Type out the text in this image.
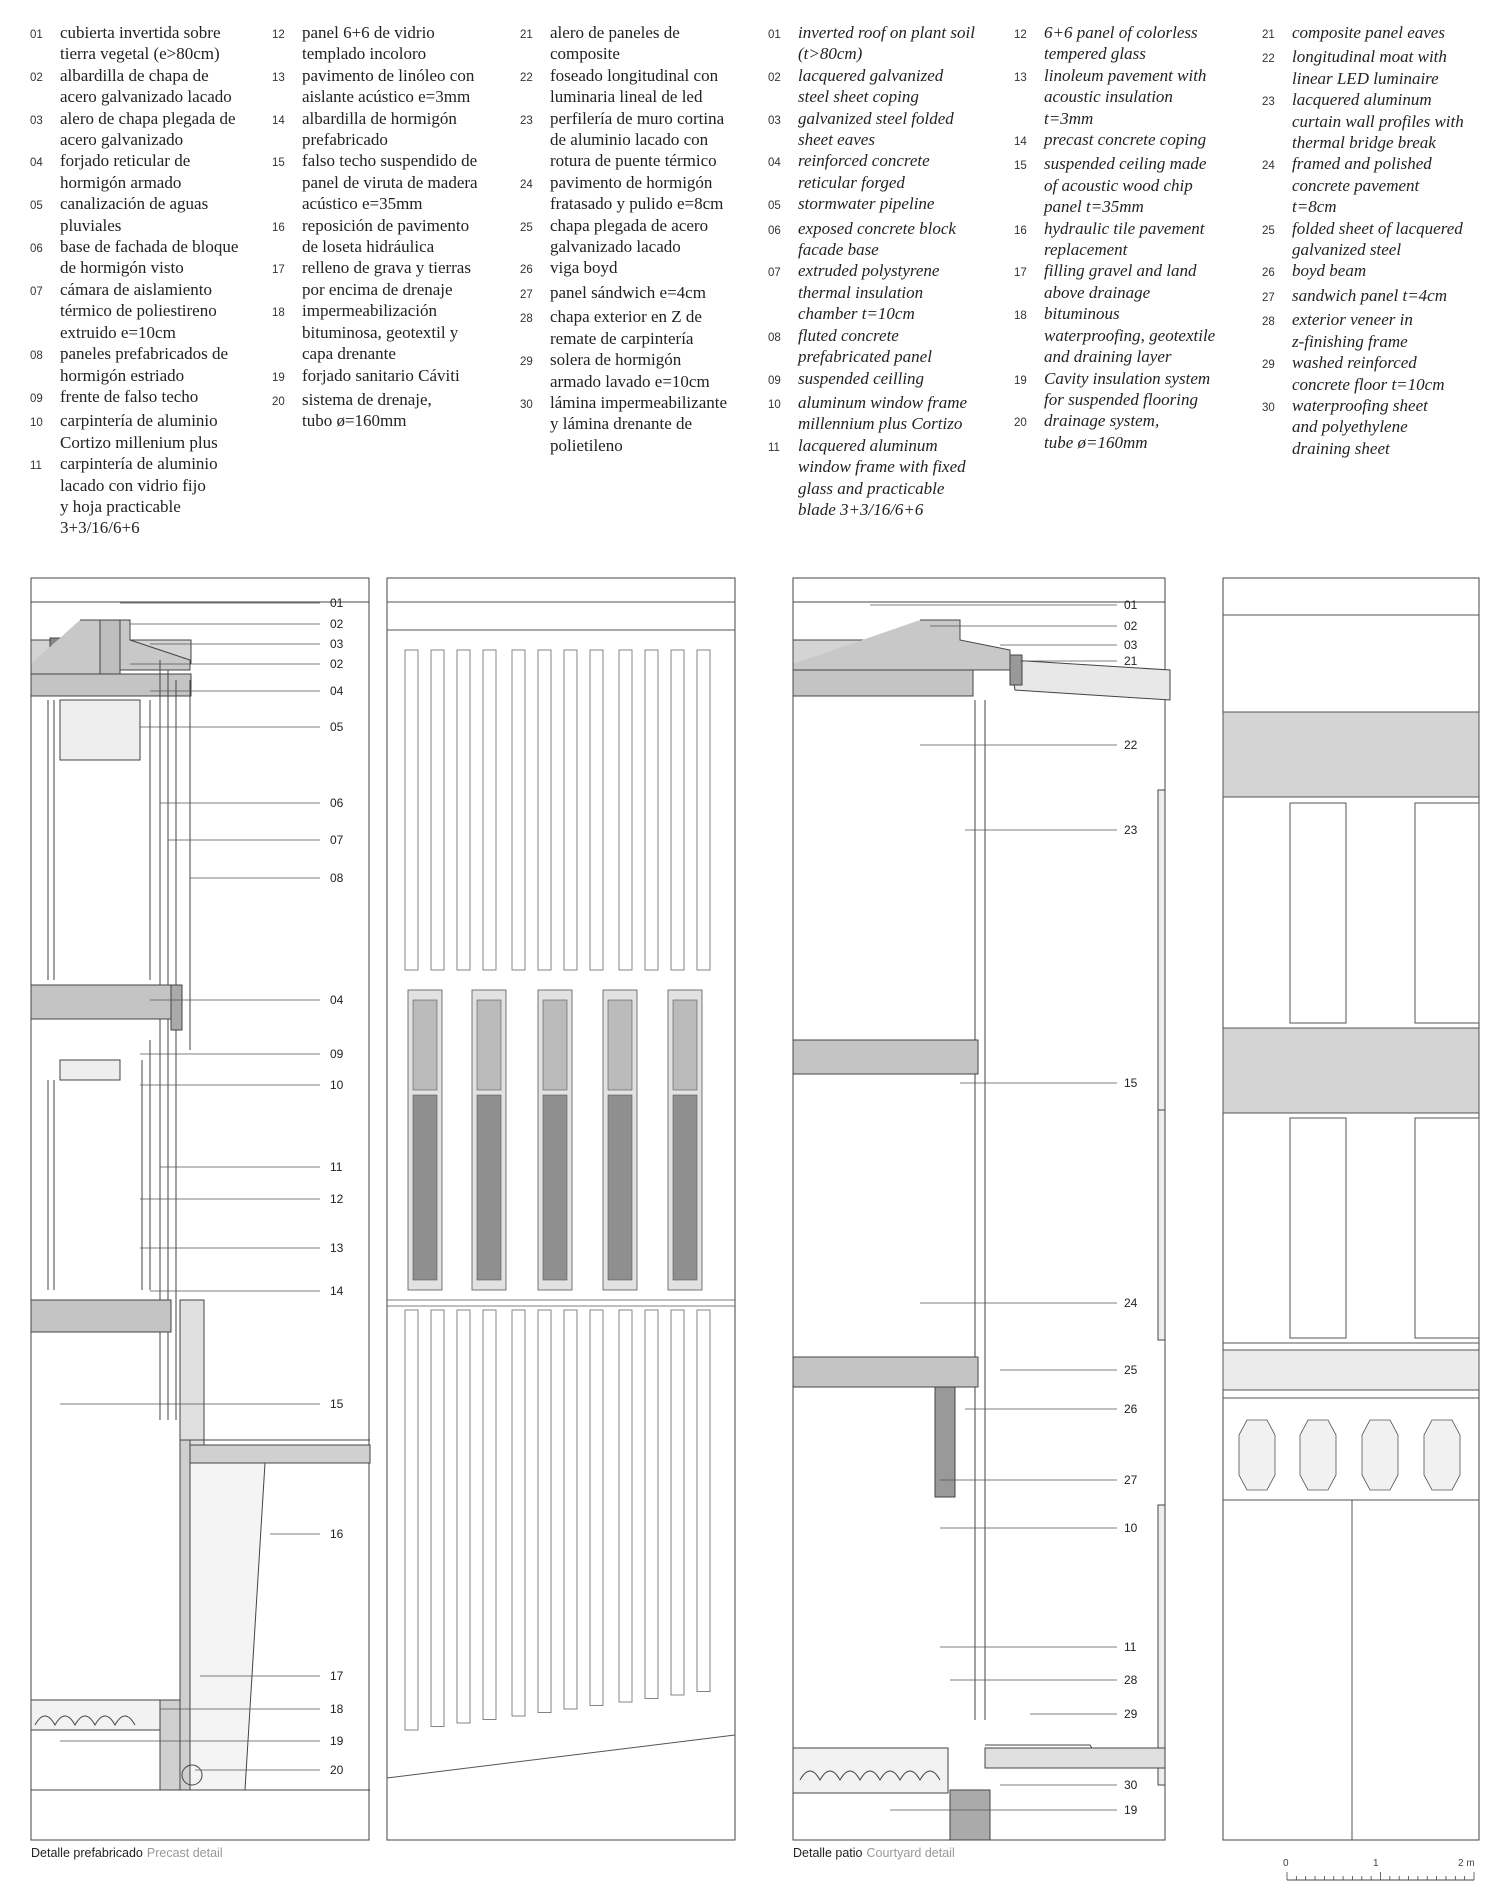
01	cubierta invertida sobre
tierra vegetal (e>80cm)
02	albardilla de chapa de
acero galvanizado lacado
03	alero de chapa plegada de
acero galvanizado
04	forjado reticular de
hormigón armado
05	canalización de aguas
pluviales
06	base de fachada de bloque
de hormigón visto
07	cámara de aislamiento
térmico de poliestireno
extruido e=10cm
08	paneles prefabricados de
hormigón estriado
09	frente de falso techo
10	carpintería de aluminio
Cortizo millenium plus
11	carpintería de aluminio
lacado con vidrio fijo
y hoja practicable
3+3/16/6+6
12	panel 6+6 de vidrio
templado incoloro
13	pavimento de linóleo con
aislante acústico e=3mm
14	albardilla de hormigón
prefabricado
15	falso techo suspendido de
panel de viruta de madera
acústico e=35mm
16	reposición de pavimento
de loseta hidráulica
17	relleno de grava y tierras
por encima de drenaje
18	impermeabilización
bituminosa, geotextil y
capa drenante
19	forjado sanitario Cáviti
20	sistema de drenaje,
tubo ø=160mm
21	alero de paneles de
composite
22	foseado longitudinal con
luminaria lineal de led
23	perfilería de muro cortina
de aluminio lacado con
rotura de puente térmico
24	pavimento de hormigón
fratasado y pulido e=8cm
25	chapa plegada de acero
galvanizado lacado
26	viga boyd
27	panel sándwich e=4cm
28	chapa exterior en Z de
remate de carpintería
29	solera de hormigón
armado lavado e=10cm
30	lámina impermeabilizante
y lámina drenante de
polietileno
01	inverted roof on plant soil
(t>80cm)
02	lacquered galvanized
steel sheet coping
03	galvanized steel folded
sheet eaves
04	reinforced concrete
reticular forged
05	stormwater pipeline
06	exposed concrete block
facade base
07	extruded polystyrene
thermal insulation
chamber t=10cm
08	fluted concrete
prefabricated panel
09	suspended ceilling
10	aluminum window frame
millennium plus Cortizo
11	lacquered aluminum
window frame with fixed
glass and practicable
blade 3+3/16/6+6
12	6+6 panel of colorless
tempered glass
13	linoleum pavement with
acoustic insulation
t=3mm
14	precast concrete coping
15	suspended ceiling made
of acoustic wood chip
panel t=35mm
16	hydraulic tile pavement
replacement
17	filling gravel and land
above drainage
18	bituminous
waterproofing, geotextile
and draining layer
19	Cavity insulation system
for suspended flooring
20	drainage system,
tube ø=160mm
21	composite panel eaves
22	longitudinal moat with
linear LED luminaire
23	lacquered aluminum
curtain wall profiles with
thermal bridge break
24	framed and polished
concrete pavement
t=8cm
25	folded sheet of lacquered
galvanized steel
26	boyd beam
27	sandwich panel t=4cm
28	exterior veneer in
z-finishing frame
29	washed reinforced
concrete floor t=10cm
30	waterproofing sheet
and polyethylene
draining sheet
01
02
03
02
04
05
06
07
08
04
09
10
11
12
13
14
15
16
17
18
19
20
01
02
03
21
22
23
15
24
25
26
27
10
11
28
29
30
19
Detalle prefabricado Precast detail	Detalle patio Courtyard detail
0	1	2 m
